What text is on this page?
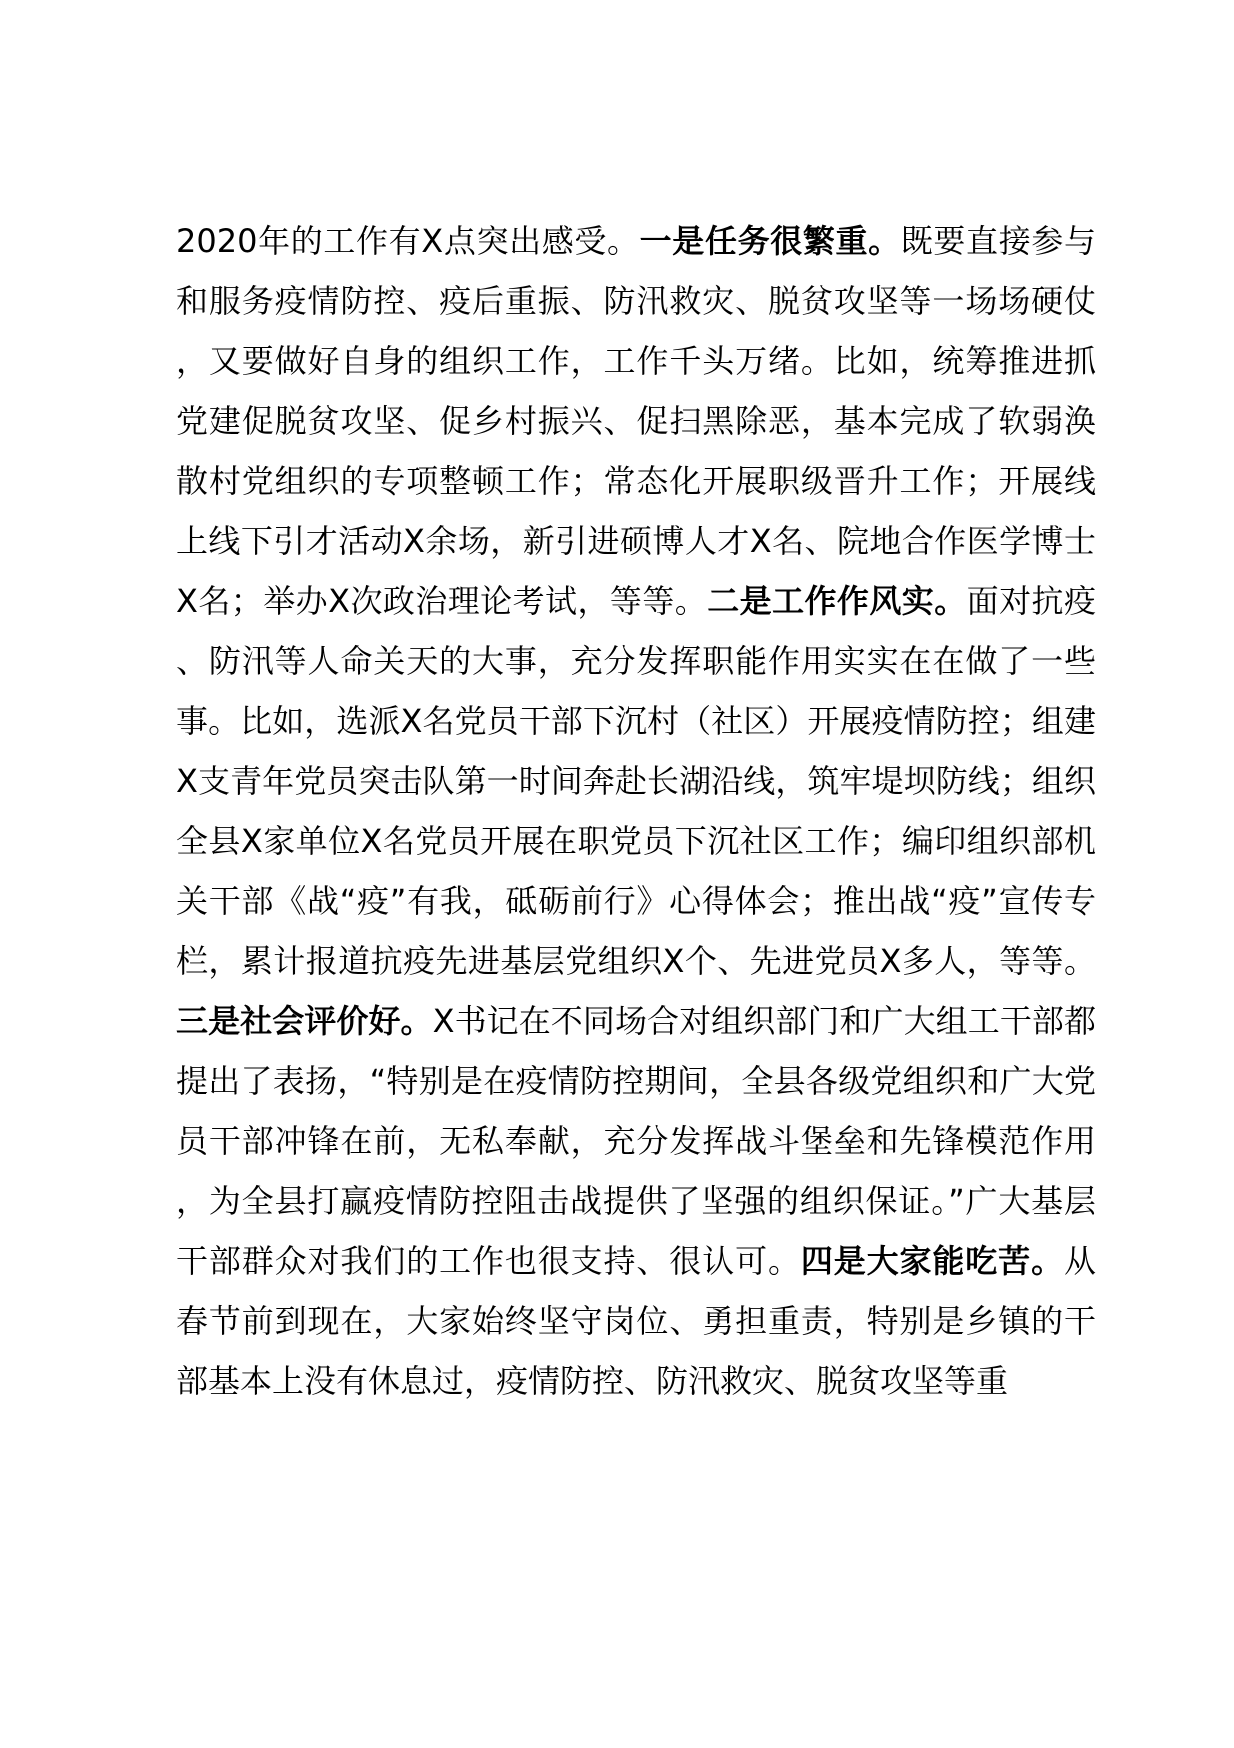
2020年的工作有X点突出感受。一是任务很繁重。既要直接参与和服务疫情防控、疫后重振、防汛救灾、脱贫攻坚等一场场硬仗，又要做好自身的组织工作，工作千头万绪。比如，统筹推进抓党建促脱贫攻坚、促乡村振兴、促扫黑除恶，基本完成了软弱涣散村党组织的专项整顿工作；常态化开展职级晋升工作；开展线上线下引才活动X余场，新引进硕博人才X名、院地合作医学博士X名；举办X次政治理论考试，等等。二是工作作风实。面对抗疫、防汛等人命关天的大事，充分发挥职能作用实实在在做了一些事。比如，选派X名党员干部下沉村（社区）开展疫情防控；组建X支青年党员突击队第一时间奔赴长湖沿线，筑牢堤坝防线；组织全县X家单位X名党员开展在职党员下沉社区工作；编印组织部机关干部《战“疫”有我，砥砺前行》心得体会；推出战“疫”宣传专栏，累计报道抗疫先进基层党组织X个、先进党员X多人，等等。三是社会评价好。X书记在不同场合对组织部门和广大组工干部都提出了表扬，“特别是在疫情防控期间，全县各级党组织和广大党员干部冲锋在前，无私奉献，充分发挥战斗堡垒和先锋模范作用，为全县打赢疫情防控阻击战提供了坚强的组织保证。”广大基层干部群众对我们的工作也很支持、很认可。四是大家能吃苦。从春节前到现在，大家始终坚守岗位、勇担重责，特别是乡镇的干部基本上没有休息过，疫情防控、防汛救灾、脱贫攻坚等重
